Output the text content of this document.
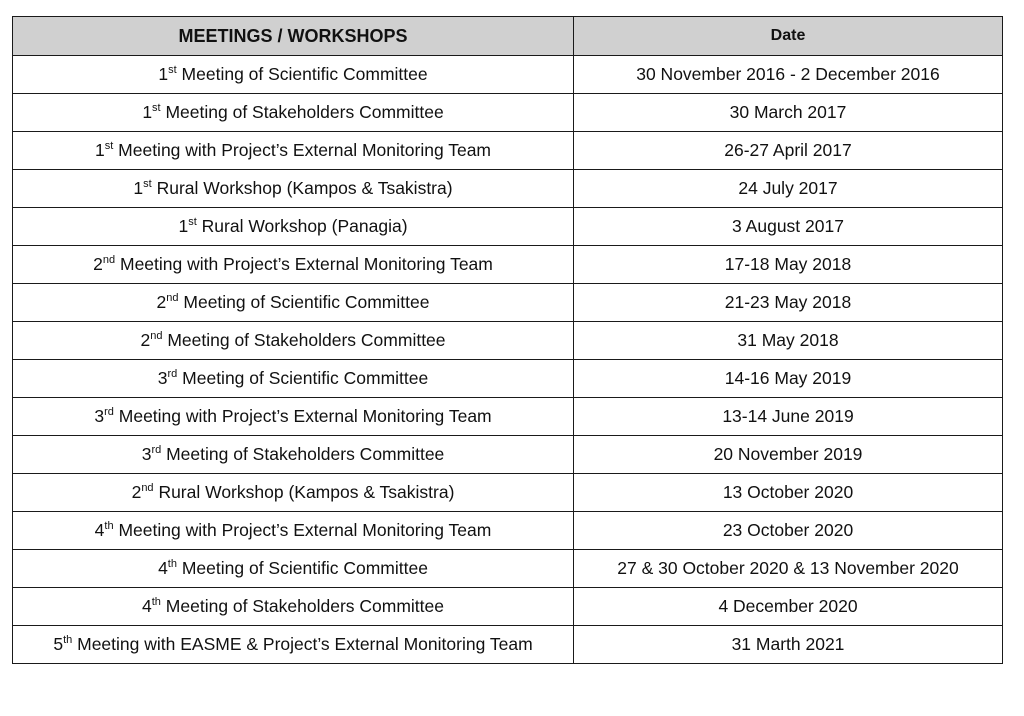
MEETINGS / WORKSHOPS	Date
1st Meeting of Scientific Committee	30 November 2016 - 2 December 2016
1st Meeting of Stakeholders Committee	30 March 2017
1st Meeting with Project’s External Monitoring Team	26-27 April 2017
1st Rural Workshop (Kampos & Tsakistra)	24 July 2017
1st Rural Workshop (Panagia)	3 August 2017
2nd Meeting with Project’s External Monitoring Team	17-18 May 2018
2nd Meeting of Scientific Committee	21-23 May 2018
2nd Meeting of Stakeholders Committee	31 May 2018
3rd Meeting of Scientific Committee	14-16 May 2019
3rd Meeting with Project’s External Monitoring Team	13-14 June 2019
3rd Meeting of Stakeholders Committee	20 November 2019
2nd Rural Workshop (Kampos & Tsakistra)	13 October 2020
4th Meeting with Project’s External Monitoring Team	23 October 2020
4th Meeting of Scientific Committee	27 & 30 October 2020 & 13 November 2020
4th Meeting of Stakeholders Committee	4 December 2020
5th Meeting with EASME & Project’s External Monitoring Team	31 Marth 2021
